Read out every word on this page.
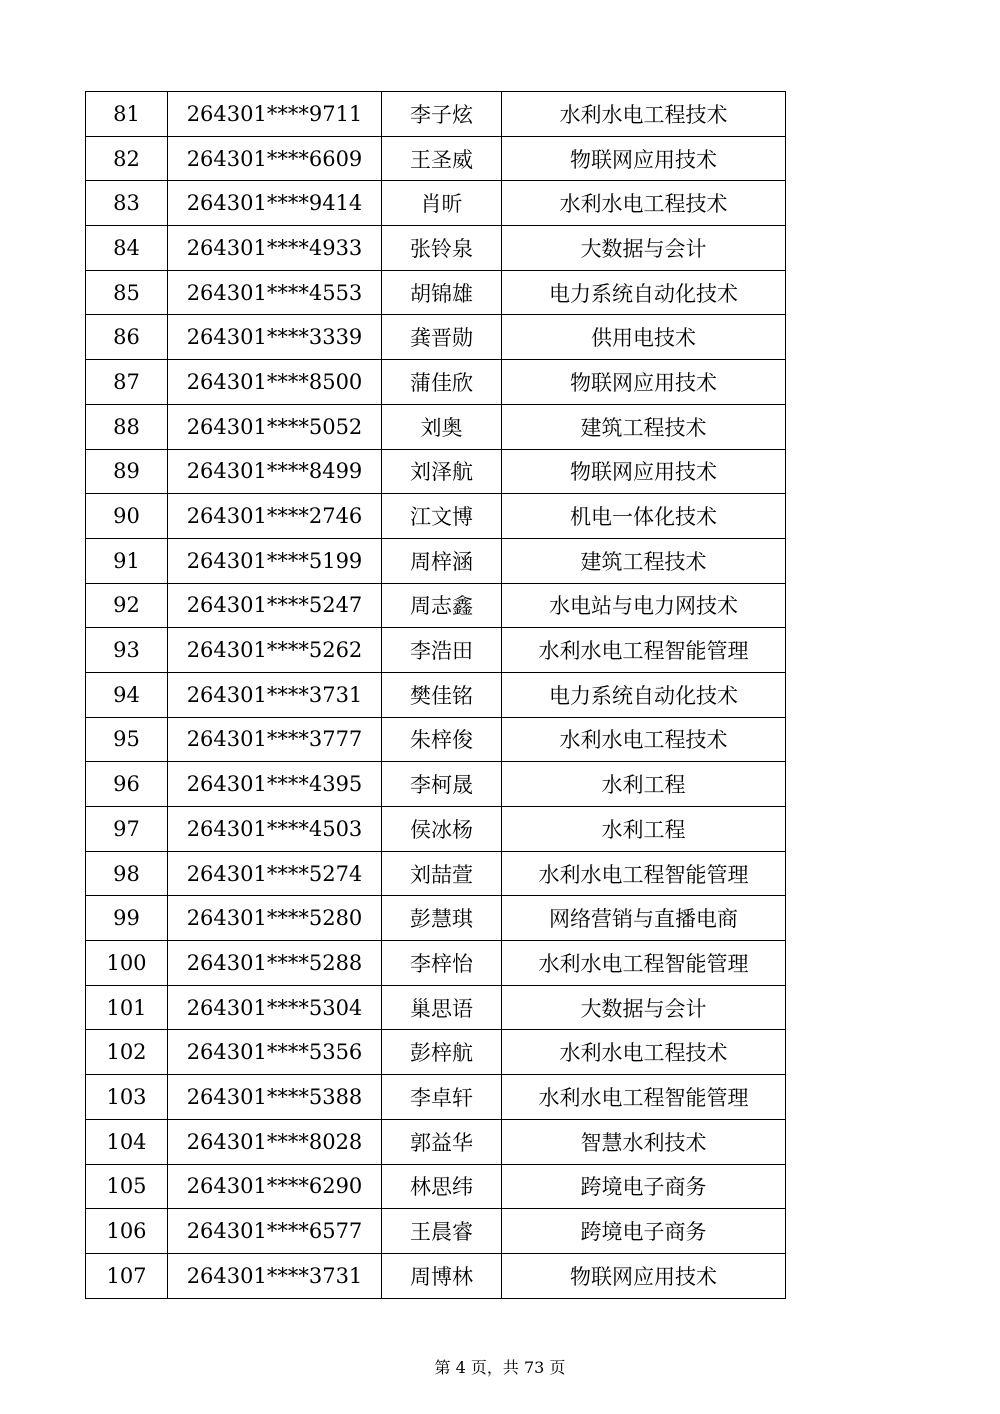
81	264301****9711	李子炫	水利水电工程技术
82	264301****6609	王圣威	物联网应用技术
83	264301****9414	肖昕	水利水电工程技术
84	264301****4933	张铃泉	大数据与会计
85	264301****4553	胡锦雄	电力系统自动化技术
86	264301****3339	龚晋勋	供用电技术
87	264301****8500	蒲佳欣	物联网应用技术
88	264301****5052	刘奥	建筑工程技术
89	264301****8499	刘泽航	物联网应用技术
90	264301****2746	江文博	机电一体化技术
91	264301****5199	周梓涵	建筑工程技术
92	264301****5247	周志鑫	水电站与电力网技术
93	264301****5262	李浩田	水利水电工程智能管理
94	264301****3731	樊佳铭	电力系统自动化技术
95	264301****3777	朱梓俊	水利水电工程技术
96	264301****4395	李柯晟	水利工程
97	264301****4503	侯冰杨	水利工程
98	264301****5274	刘喆萱	水利水电工程智能管理
99	264301****5280	彭慧琪	网络营销与直播电商
100	264301****5288	李梓怡	水利水电工程智能管理
101	264301****5304	巢思语	大数据与会计
102	264301****5356	彭梓航	水利水电工程技术
103	264301****5388	李卓轩	水利水电工程智能管理
104	264301****8028	郭益华	智慧水利技术
105	264301****6290	林思纬	跨境电子商务
106	264301****6577	王晨睿	跨境电子商务
107	264301****3731	周博林	物联网应用技术
第 4 页，共 73 页
